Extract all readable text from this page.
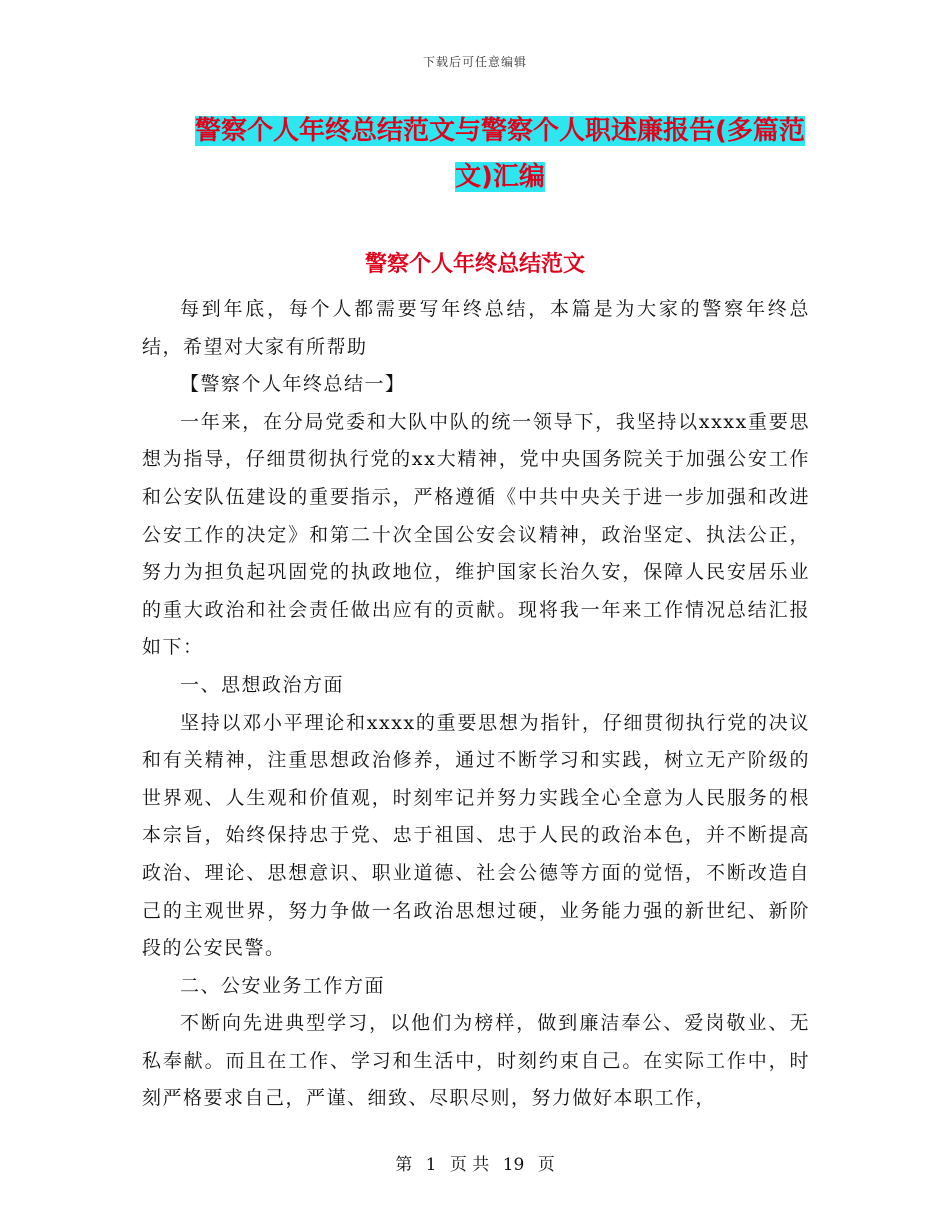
下载后可任意编辑
警察个人年终总结范文与警察个人职述廉报告(多篇范文)汇编
警察个人年终总结范文

每到年底，每个人都需要写年终总结，本篇是为大家的警察年终总结，希望对大家有所帮助

【警察个人年终总结一】

一年来，在分局党委和大队中队的统一领导下，我坚持以xxxx重要思想为指导，仔细贯彻执行党的xx大精神，党中央国务院关于加强公安工作和公安队伍建设的重要指示，严格遵循《中共中央关于进一步加强和改进公安工作的决定》和第二十次全国公安会议精神，政治坚定、执法公正，努力为担负起巩固党的执政地位，维护国家长治久安，保障人民安居乐业的重大政治和社会责任做出应有的贡献。现将我一年来工作情况总结汇报如下：

一、思想政治方面

坚持以邓小平理论和xxxx的重要思想为指针，仔细贯彻执行党的决议和有关精神，注重思想政治修养，通过不断学习和实践，树立无产阶级的世界观、人生观和价值观，时刻牢记并努力实践全心全意为人民服务的根本宗旨，始终保持忠于党、忠于祖国、忠于人民的政治本色，并不断提高政治、理论、思想意识、职业道德、社会公德等方面的觉悟，不断改造自己的主观世界，努力争做一名政治思想过硬，业务能力强的新世纪、新阶段的公安民警。

二、公安业务工作方面

不断向先进典型学习，以他们为榜样，做到廉洁奉公、爱岗敬业、无私奉献。而且在工作、学习和生活中，时刻约束自己。在实际工作中，时刻严格要求自己，严谨、细致、尽职尽则，努力做好本职工作，

第 1 页 共 19 页
